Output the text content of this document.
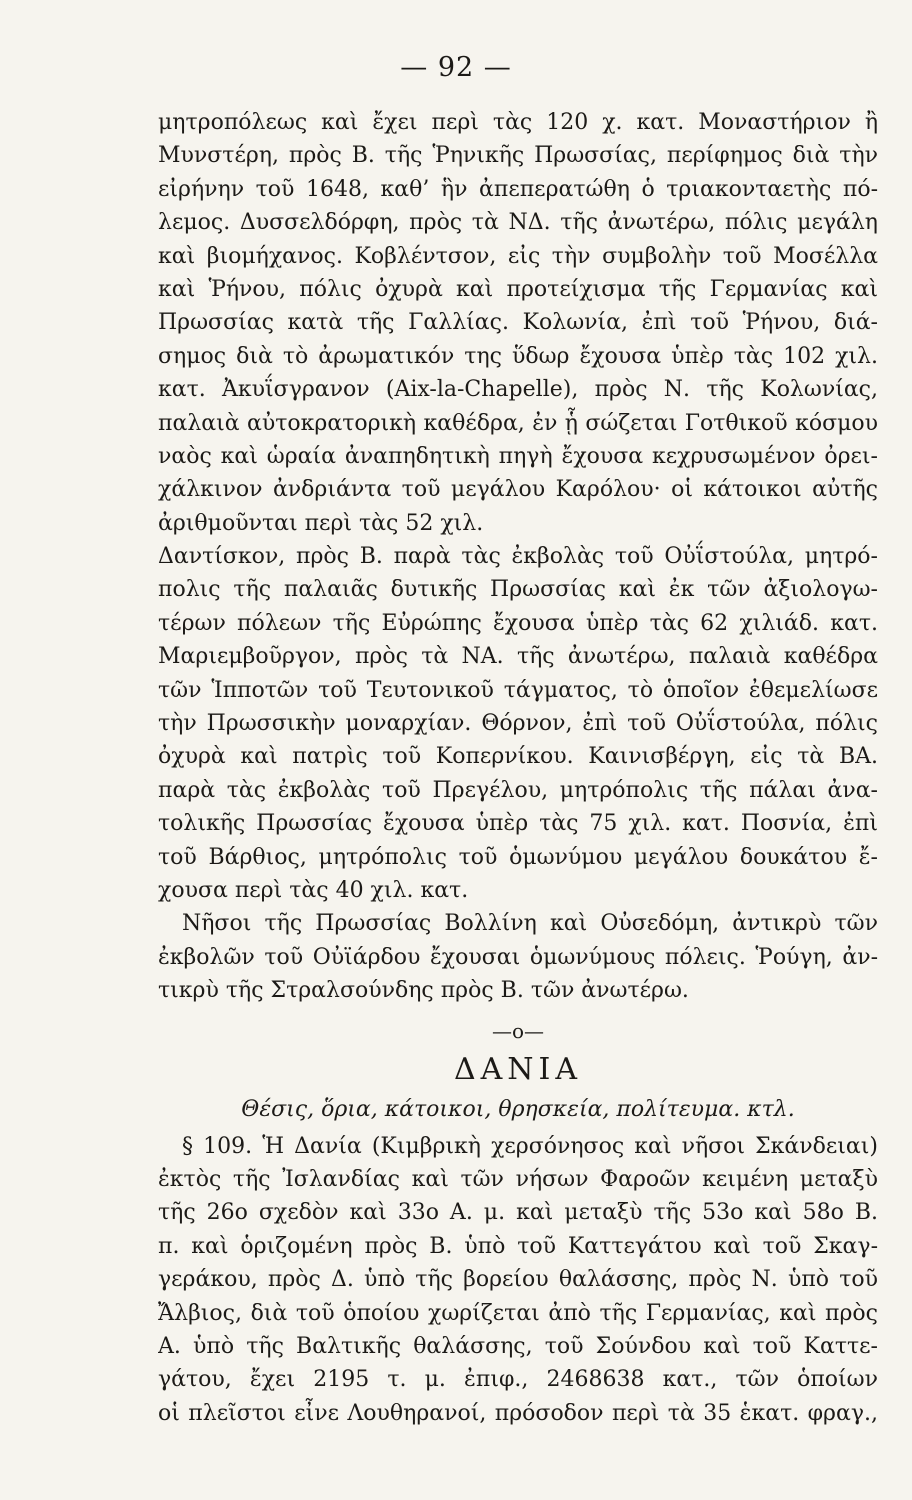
— 92 —
μητροπόλεως καὶ ἔχει περὶ τὰς 120 χ. κατ. Μοναστήριον ἢ
Μυνστέρη, πρὸς Β. τῆς Ῥηνικῆς Πρωσσίας, περίφημος διὰ τὴν
εἰρήνην τοῦ 1648, καθ’ ἣν ἀπεπερατώθη ὁ τριακονταετὴς πό-
λεμος. Δυσσελδόρφη, πρὸς τὰ ΝΔ. τῆς ἀνωτέρω, πόλις μεγάλη
καὶ βιομήχανος. Κοβλέντσον, εἰς τὴν συμβολὴν τοῦ Μοσέλλα
καὶ Ῥήνου, πόλις ὀχυρὰ καὶ προτείχισμα τῆς Γερμανίας καὶ
Πρωσσίας κατὰ τῆς Γαλλίας. Κολωνία, ἐπὶ τοῦ Ῥήνου, διά-
σημος διὰ τὸ ἀρωματικόν της ὕδωρ ἔχουσα ὑπὲρ τὰς 102 χιλ.
κατ. Ἀκυΐσγρανον (Aix-la-Chapelle), πρὸς Ν. τῆς Κολωνίας,
παλαιὰ αὐτοκρατορικὴ καθέδρα, ἐν ᾗ σώζεται Γοτθικοῦ κόσμου
ναὸς καὶ ὡραία ἀναπηδητικὴ πηγὴ ἔχουσα κεχρυσωμένον ὀρει-
χάλκινον ἀνδριάντα τοῦ μεγάλου Καρόλου· οἱ κάτοικοι αὐτῆς
ἀριθμοῦνται περὶ τὰς 52 χιλ.
Δαντίσκον, πρὸς Β. παρὰ τὰς ἐκβολὰς τοῦ Οὐΐστούλα, μητρό-
πολις τῆς παλαιᾶς δυτικῆς Πρωσσίας καὶ ἐκ τῶν ἀξιολογω-
τέρων πόλεων τῆς Εὐρώπης ἔχουσα ὑπὲρ τὰς 62 χιλιάδ. κατ.
Μαριεμβοῦργον, πρὸς τὰ ΝΑ. τῆς ἀνωτέρω, παλαιὰ καθέδρα
τῶν Ἱπποτῶν τοῦ Τευτονικοῦ τάγματος, τὸ ὁποῖον ἐθεμελίωσε
τὴν Πρωσσικὴν μοναρχίαν. Θόρνον, ἐπὶ τοῦ Οὐΐστούλα, πόλις
ὀχυρὰ καὶ πατρὶς τοῦ Κοπερνίκου. Καινισβέργη, εἰς τὰ ΒΑ.
παρὰ τὰς ἐκβολὰς τοῦ Πρεγέλου, μητρόπολις τῆς πάλαι ἀνα-
τολικῆς Πρωσσίας ἔχουσα ὑπὲρ τὰς 75 χιλ. κατ. Ποσνία, ἐπὶ
τοῦ Βάρθιος, μητρόπολις τοῦ ὁμωνύμου μεγάλου δουκάτου ἔ-
χουσα περὶ τὰς 40 χιλ. κατ.
Νῆσοι τῆς Πρωσσίας Βολλίνη καὶ Οὐσεδόμη, ἀντικρὺ τῶν
ἐκβολῶν τοῦ Οὐϊάρδου ἔχουσαι ὁμωνύμους πόλεις. Ῥούγη, ἀν-
τικρὺ τῆς Στραλσούνδης πρὸς Β. τῶν ἀνωτέρω.
—o—
ΔΑΝΙΑ
Θέσις, ὅρια, κάτοικοι, θρησκεία, πολίτευμα. κτλ.
§ 109. Ἡ Δανία (Κιμβρικὴ χερσόνησος καὶ νῆσοι Σκάνδειαι)
ἐκτὸς τῆς Ἰσλανδίας καὶ τῶν νήσων Φαροῶν κειμένη μεταξὺ
τῆς 26ο σχεδὸν καὶ 33ο Α. μ. καὶ μεταξὺ τῆς 53ο καὶ 58ο Β.
π. καὶ ὁριζομένη πρὸς Β. ὑπὸ τοῦ Καττεγάτου καὶ τοῦ Σκαγ-
γεράκου, πρὸς Δ. ὑπὸ τῆς βορείου θαλάσσης, πρὸς Ν. ὑπὸ τοῦ
Ἄλβιος, διὰ τοῦ ὁποίου χωρίζεται ἀπὸ τῆς Γερμανίας, καὶ πρὸς
Α. ὑπὸ τῆς Βαλτικῆς θαλάσσης, τοῦ Σούνδου καὶ τοῦ Καττε-
γάτου, ἔχει 2195 τ. μ. ἐπιφ., 2468638 κατ., τῶν ὁποίων
οἱ πλεῖστοι εἶνε Λουθηρανοί, πρόσοδον περὶ τὰ 35 ἑκατ. φραγ.,
